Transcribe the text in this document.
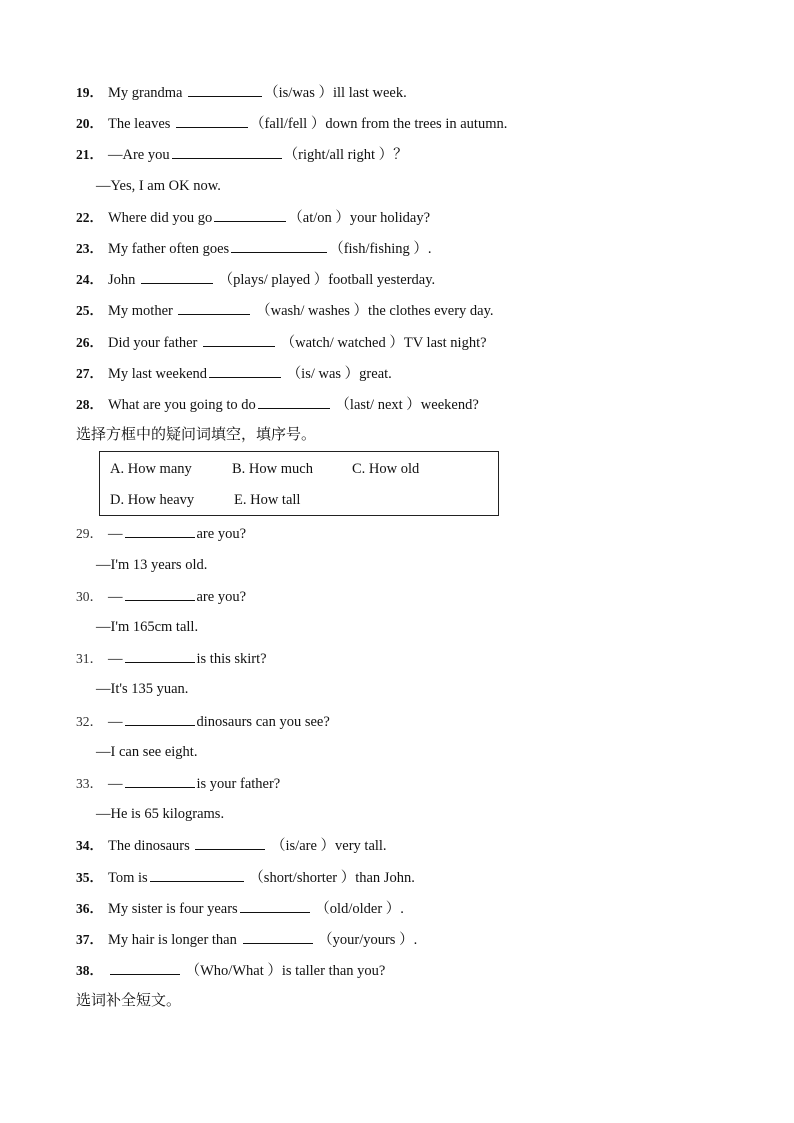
19． My grandma	（is/was ）ill last week.
20． The leaves	（fall/fell ）down from the trees in autumn.
21． —Are you	（right/all right ）？
—Yes, I am OK now.
22． Where did you go	（at/on ）your holiday?
23． My father often goes	（fish/fishing ）.
24． John	（plays/ played ）football yesterday.
25． My mother	（wash/ washes ）the clothes every day.
26． Did your father	（watch/ watched ）TV last night?
27． My last weekend	（is/ was ）great.
28． What are you going to do	（last/ next ）weekend?
选择方框中的疑问词填空，填序号。
A. How many	B. How much	C. How old
D. How heavy	E. How tall
29． —	are you?
—I'm 13 years old.
30． —	are you?
—I'm 165cm tall.
31． —	is this skirt?
—It's 135 yuan.
32． —	dinosaurs can you see?
—I can see eight.
33． —	is your father?
—He is 65 kilograms.
34． The dinosaurs	（is/are ）very tall.
35． Tom is	（short/shorter ）than John.
36． My sister is four years	（old/older ）.
37． My hair is longer than	（your/yours ）.
38．	（Who/What ）is taller than you?
选词补全短文。
